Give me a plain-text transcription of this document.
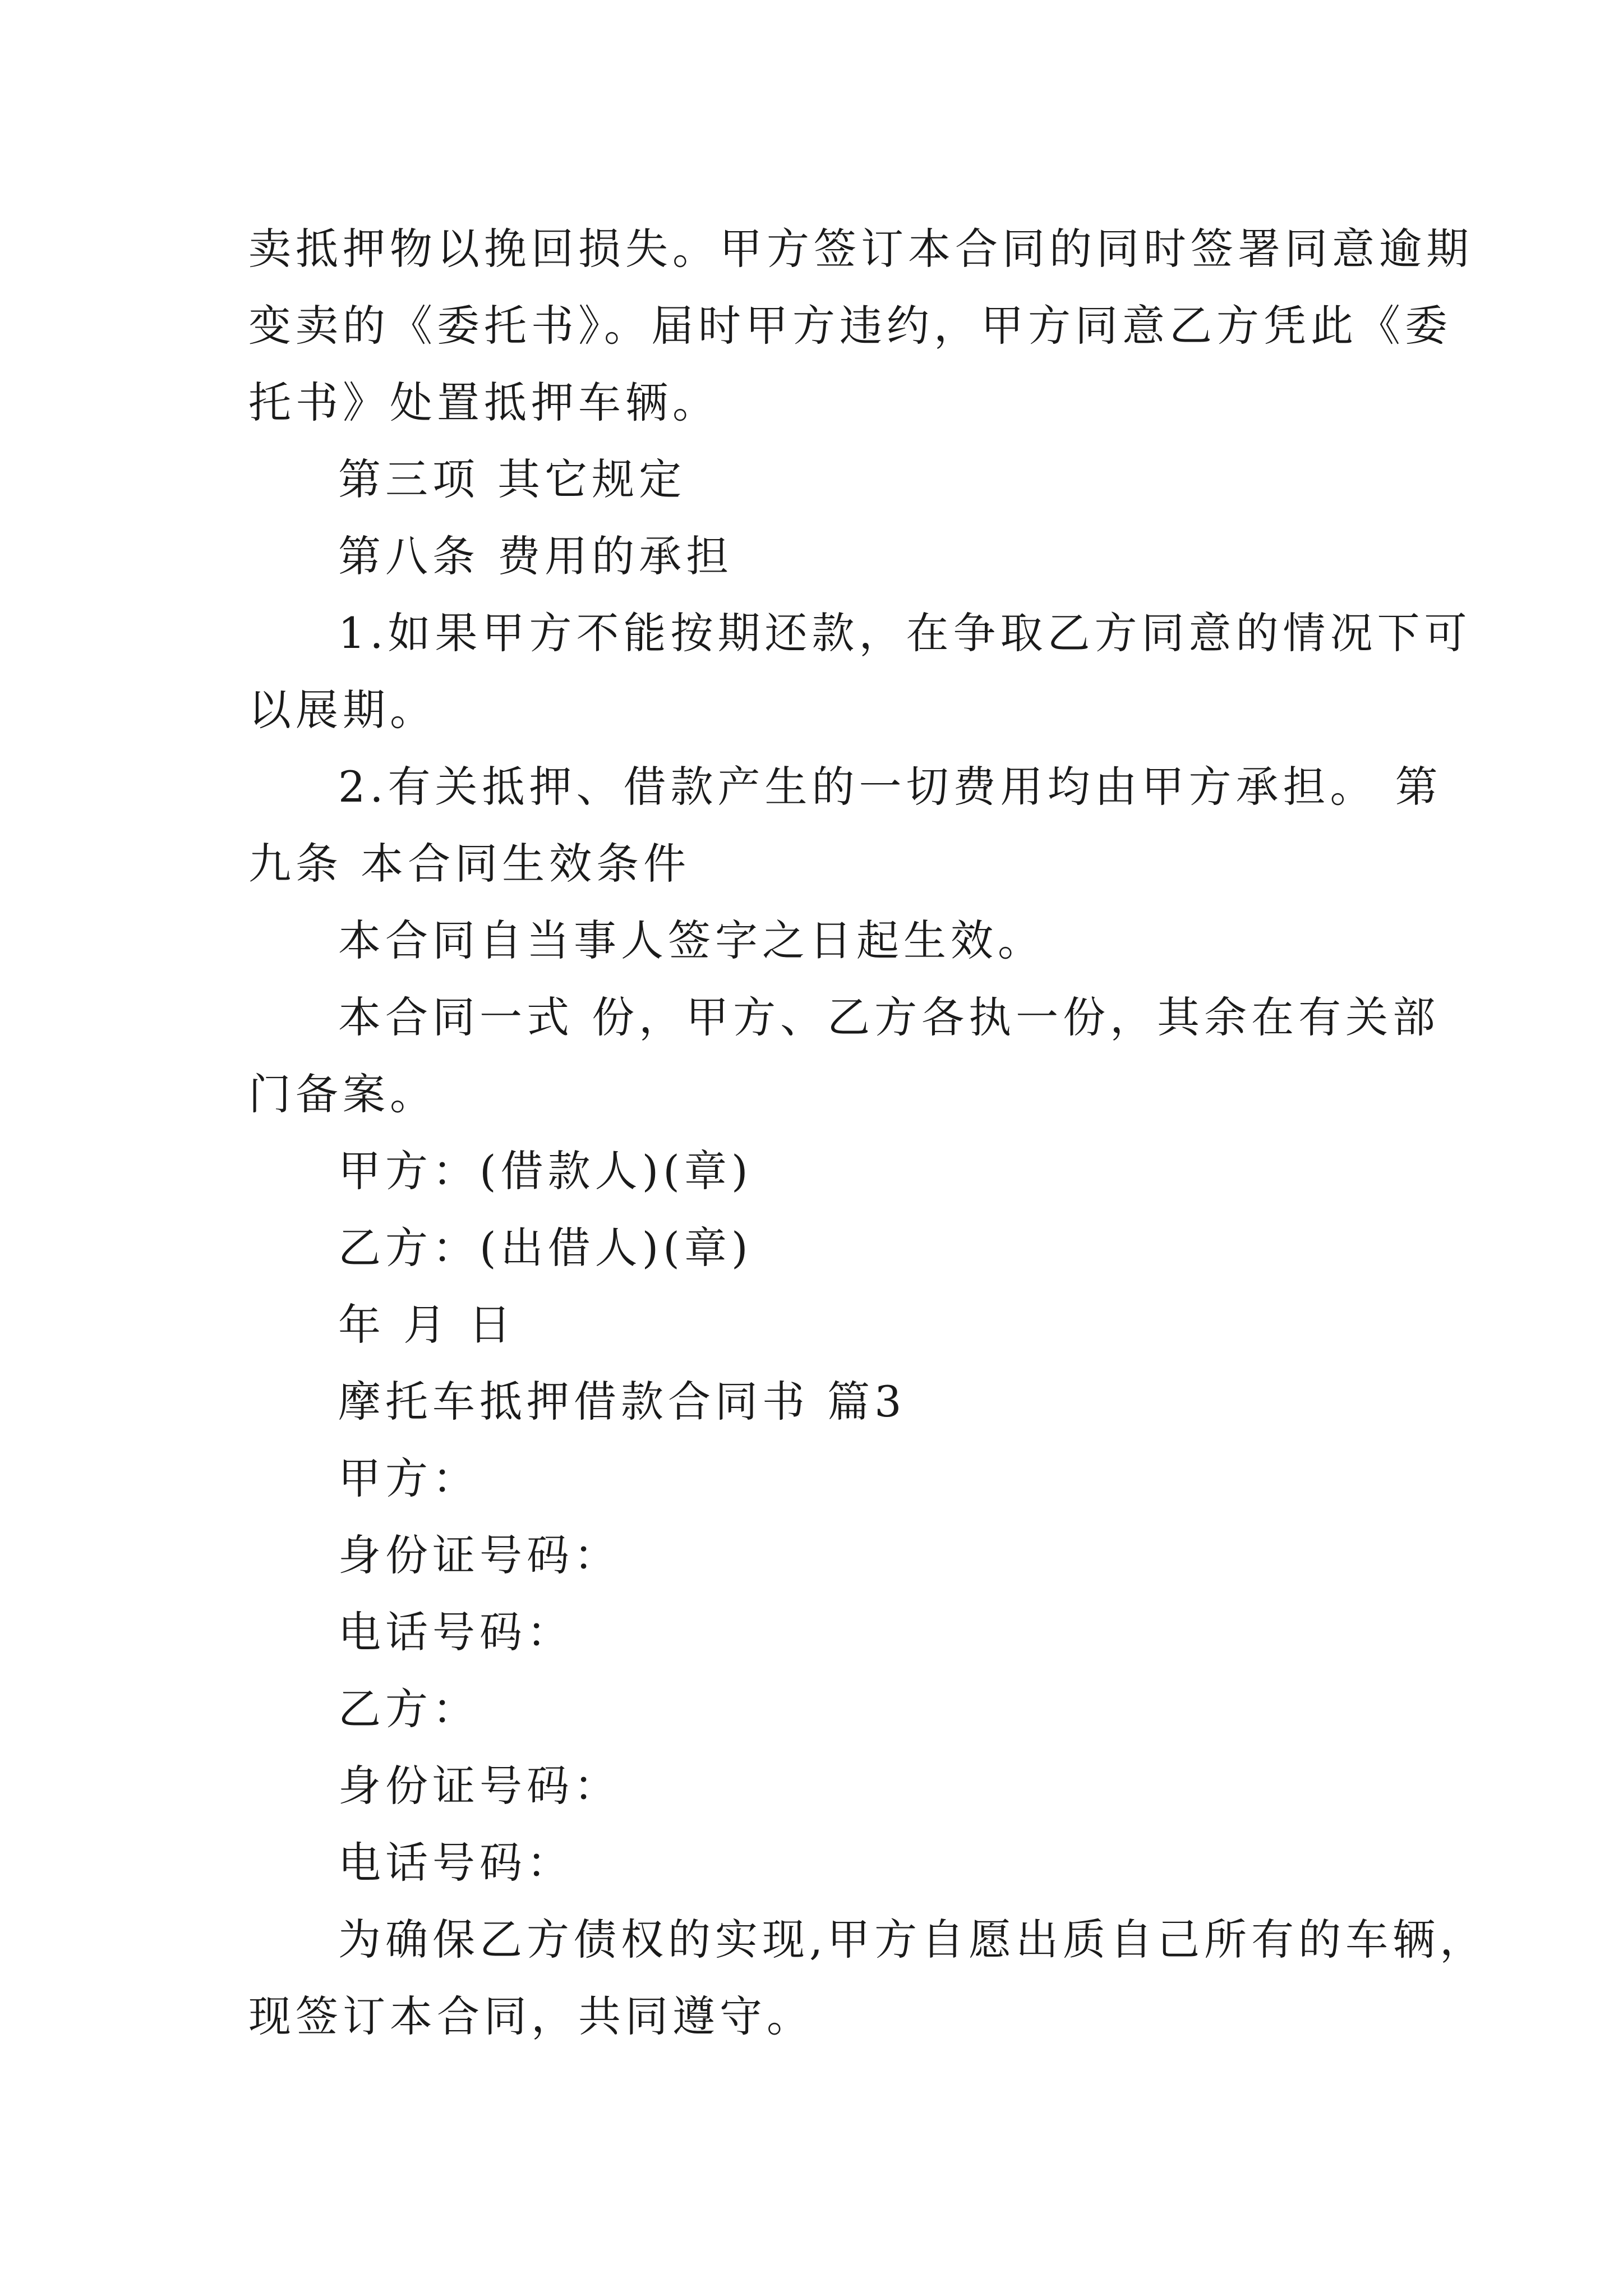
卖抵押物以挽回损失。甲方签订本合同的同时签署同意逾期
变卖的《委托书》。届时甲方违约，甲方同意乙方凭此《委
托书》处置抵押车辆。
第三项 其它规定
第八条 费用的承担
1.如果甲方不能按期还款，在争取乙方同意的情况下可
以展期。
2.有关抵押、借款产生的一切费用均由甲方承担。 第
九条 本合同生效条件
本合同自当事人签字之日起生效。
本合同一式 份，甲方、乙方各执一份，其余在有关部
门备案。
甲方：(借款人)(章)
乙方：(出借人)(章)
年 月 日
摩托车抵押借款合同书 篇3
甲方：
身份证号码：
电话号码：
乙方：
身份证号码：
电话号码：
为确保乙方债权的实现,甲方自愿出质自己所有的车辆，
现签订本合同，共同遵守。
